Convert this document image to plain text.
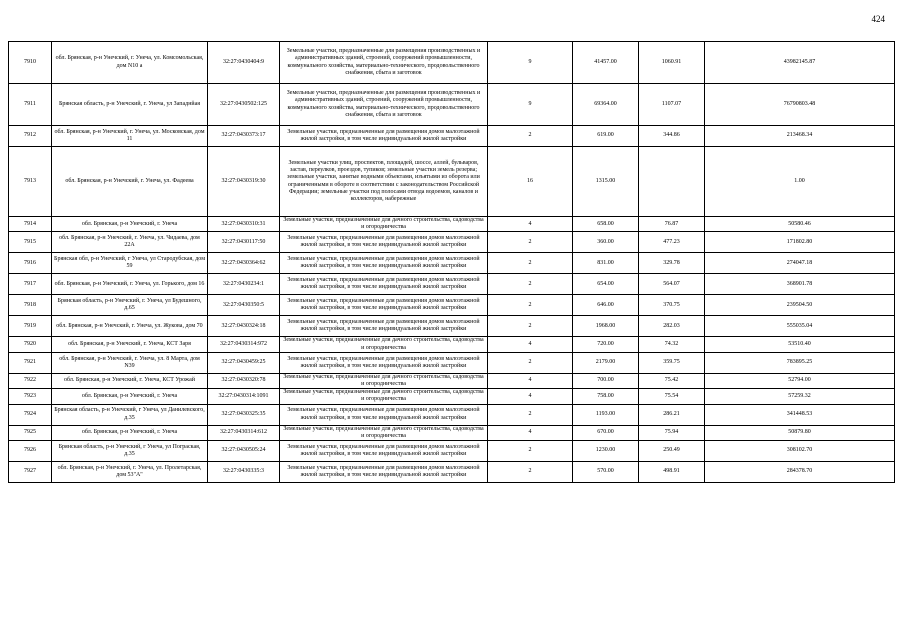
424
7910	обл. Брянская, р-н Унечский, г. Унеча, ул. Комсомольская, дом N10 а	32:27:0430404:9	Земельные участки, предназначенные для размещения производственных и административных зданий, строений, сооружений промышленности, коммунального хозяйства, материально-технического, продовольственного снабжения, сбыта и заготовок	9	41457.00	1060.91	43982145.87
7911	Брянская область, р-н Унечский, г. Унеча, ул Западнйая	32:27:0430502:125	Земельные участки, предназначенные для размещения производственных и административных зданий, строений, сооружений промышленности, коммунального хозяйства, материально-технического, продовольственного снабжения, сбыта и заготовок	9	69364.00	1107.07	76790803.48
7912	обл. Брянская, р-н Унечский, г. Унеча, ул. Московская, дом 11	32:27:0430373:17	Земельные участки, предназначенные для размещения домов малоэтажной жилой застройки, в том числе индивидуальной жилой застройки	2	619.00	344.86	213468.34
7913	обл. Брянская, р-н Унечский, г. Унеча, ул. Фадеева	32:27:0430319:30	Земельные участки улиц, проспектов, площадей, шоссе, аллей, бульваров, застав, переулков, проездов, тупиков; земельные участки земель резерва; земельные участки, занятые водными объектами, изъятыми из оборота или ограниченными в обороте в соответствии с законодательством Российской Федерации; земельные участки под полосами отвода водоемов, каналов и коллекторов, набережные	16	1315.00		1.00
7914	обл. Брянская, р-н Унечский, г. Унеча	32:27:0430310:31	Земельные участки, предназначенные для дачного строительства, садоводства и огородничества	4	658.00	76.87	50580.46
7915	обл. Брянская, р-н Унечский, г. Унеча, ул. Чидаева, дом 22А	32:27:0430117:50	Земельные участки, предназначенные для размещения домов малоэтажной жилой застройки, в том числе индивидуальной жилой застройки	2	360.00	477.23	171802.80
7916	Брянская обл, р-н Унечский, г Унеча, ул Стародубская, дом 59	32:27:0430364:62	Земельные участки, предназначенные для размещения домов малоэтажной жилой застройки, в том числе индивидуальной жилой застройки	2	831.00	329.78	274047.18
7917	обл. Брянская, р-н Унечский, г. Унеча, ул. Горького, дом 16	32:27:0430234:1	Земельные участки, предназначенные для размещения домов малоэтажной жилой застройки, в том числе индивидуальной жилой застройки	2	654.00	564.07	368901.78
7918	Брянская область, р-н Унечский, г. Унеча, ул Будешного, д.65	32:27:0430350:5	Земельные участки, предназначенные для размещения домов малоэтажной жилой застройки, в том числе индивидуальной жилой застройки	2	646.00	370.75	239504.50
7919	обл. Брянская, р-н Унечский, г. Унеча, ул. Жукова, дом 70	32:27:0430324:18	Земельные участки, предназначенные для размещения домов малоэтажной жилой застройки, в том числе индивидуальной жилой застройки	2	1968.00	282.03	555035.04
7920	обл. Брянская, р-н Унечский, г. Унеча, КСТ Заря	32:27:0430314:972	Земельные участки, предназначенные для дачного строительства, садоводства и огородничества	4	720.00	74.32	53510.40
7921	обл. Брянская, р-н Унечский, г. Унеча, ул. 8 Марта, дом N39	32:27:0430459:25	Земельные участки, предназначенные для размещения домов малоэтажной жилой застройки, в том числе индивидуальной жилой застройки	2	2179.00	359.75	783895.25
7922	обл. Брянская, р-н Унечский, г. Унеча, КСТ Урожай	32:27:0430320:78	Земельные участки, предназначенные для дачного строительства, садоводства и огородничества	4	700.00	75.42	52794.00
7923	обл. Брянская, р-н Унечский, г. Унеча	32:27:0430314:1091	Земельные участки, предназначенные для дачного строительства, садоводства и огородничества	4	758.00	75.54	57259.32
7924	Брянская область, р-н Унечский, г Унеча, ул Данилевского, д.35	32:27:0430325:35	Земельные участки, предназначенные для размещения домов малоэтажной жилой застройки, в том числе индивидуальной жилой застройки	2	1193.00	286.21	341448.53
7925	обл. Брянская, р-н Унечский, г. Унеча	32:27:0430314:612	Земельные участки, предназначенные для дачного строительства, садоводства и огородничества	4	670.00	75.94	50879.80
7926	Брянская область, р-н Унечский, г Унеча, ул Пограская, д.35	32:27:0430505:24	Земельные участки, предназначенные для размещения домов малоэтажной жилой застройки, в том числе индивидуальной жилой застройки	2	1230.00	250.49	308102.70
7927	обл. Брянская, р-н Унечский, г. Унеча, ул. Пролетарская, дом 53"А"	32:27:0430335:3	Земельные участки, предназначенные для размещения домов малоэтажной жилой застройки, в том числе индивидуальной жилой застройки	2	570.00	498.91	284378.70
